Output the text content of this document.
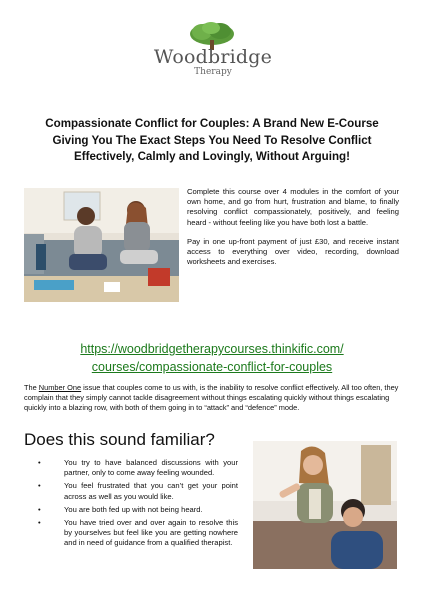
Woodbridge
Therapy
Compassionate Conflict for Couples: A Brand New E-Course Giving You The Exact Steps You Need To Resolve Conflict Effectively, Calmly and Lovingly, Without Arguing!

Complete this course over 4 modules in the comfort of your own home, and go from hurt, frustration and blame, to finally resolving conflict compassionately, positively, and feeling heard - without feeling like you have both lost a battle.

Pay in one up-front payment of just £30, and receive instant access to everything over video, recording, download worksheets and exercises.

https://woodbridgetherapycourses.thinkific.com/
courses/compassionate-conflict-for-couples
The Number One issue that couples come to us with, is the inability to resolve conflict effectively. All too often, they complain that they simply cannot tackle disagreement without things escalating quickly without things escalating quickly into a blazing row, with both of them going in to “attack” and “defence” mode.
Does this sound familiar?
•	You try to have balanced discussions with your partner, only to come away feeling wounded.
•	You feel frustrated that you can’t get your point across as well as you would like.
•	You are both fed up with not being heard.
•	You have tried over and over again to resolve this by yourselves but feel like you are getting nowhere and in need of guidance from a qualified therapist.
